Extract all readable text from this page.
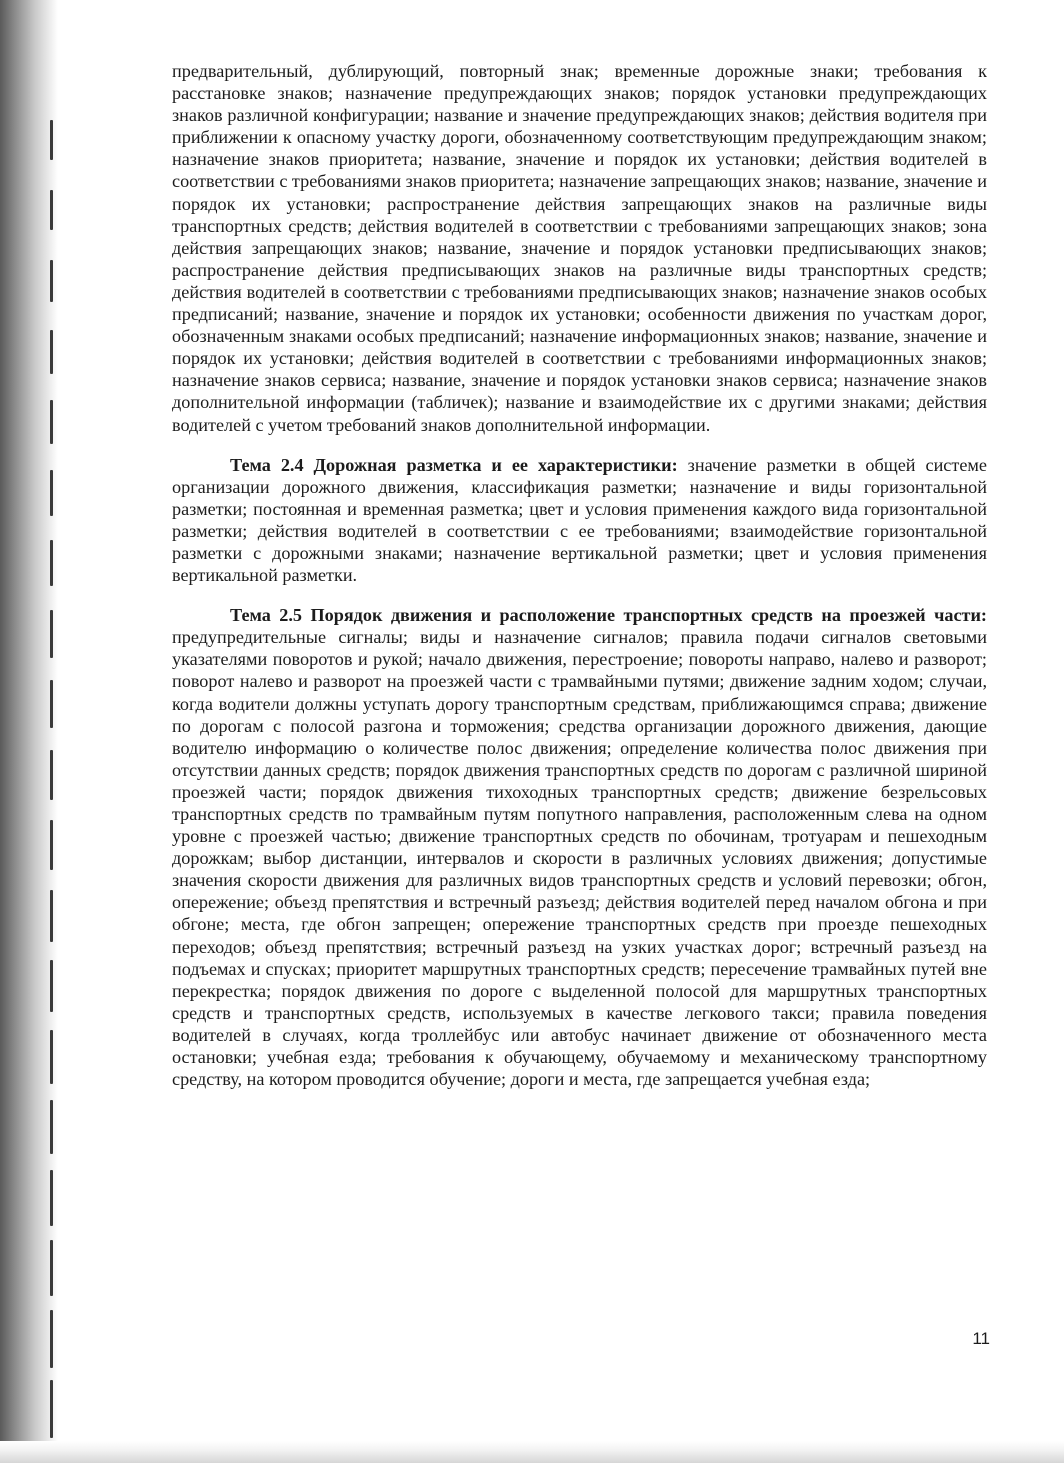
предварительный, дублирующий, повторный знак; временные дорожные знаки; требования к расстановке знаков; назначение предупреждающих знаков; порядок установки предупреждающих знаков различной конфигурации; название и значение предупреждающих знаков; действия водителя при приближении к опасному участку дороги, обозначенному соответствующим предупреждающим знаком; назначение знаков приоритета; название, значение и порядок их установки; действия водителей в соответствии с требованиями знаков приоритета; назначение запрещающих знаков; название, значение и порядок их установки; распространение действия запрещающих знаков на различные виды транспортных средств; действия водителей в соответствии с требованиями запрещающих знаков; зона действия запрещающих знаков; название, значение и порядок установки предписывающих знаков; распространение действия предписывающих знаков на различные виды транспортных средств; действия водителей в соответствии с требованиями предписывающих знаков; назначение знаков особых предписаний; название, значение и порядок их установки; особенности движения по участкам дорог, обозначенным знаками особых предписаний; назначение информационных знаков; название, значение и порядок их установки; действия водителей в соответствии с требованиями информационных знаков; назначение знаков сервиса; название, значение и порядок установки знаков сервиса; назначение знаков дополнительной информации (табличек); название и взаимодействие их с другими знаками; действия водителей с учетом требований знаков дополнительной информации.

Тема 2.4 Дорожная разметка и ее характеристики: значение разметки в общей системе организации дорожного движения, классификация разметки; назначение и виды горизонтальной разметки; постоянная и временная разметка; цвет и условия применения каждого вида горизонтальной разметки; действия водителей в соответствии с ее требованиями; взаимодействие горизонтальной разметки с дорожными знаками; назначение вертикальной разметки; цвет и условия применения вертикальной разметки.

Тема 2.5 Порядок движения и расположение транспортных средств на проезжей части: предупредительные сигналы; виды и назначение сигналов; правила подачи сигналов световыми указателями поворотов и рукой; начало движения, перестроение; повороты направо, налево и разворот; поворот налево и разворот на проезжей части с трамвайными путями; движение задним ходом; случаи, когда водители должны уступать дорогу транспортным средствам, приближающимся справа; движение по дорогам с полосой разгона и торможения; средства организации дорожного движения, дающие водителю информацию о количестве полос движения; определение количества полос движения при отсутствии данных средств; порядок движения транспортных средств по дорогам с различной шириной проезжей части; порядок движения тихоходных транспортных средств; движение безрельсовых транспортных средств по трамвайным путям попутного направления, расположенным слева на одном уровне с проезжей частью; движение транспортных средств по обочинам, тротуарам и пешеходным дорожкам; выбор дистанции, интервалов и скорости в различных условиях движения; допустимые значения скорости движения для различных видов транспортных средств и условий перевозки; обгон, опережение; объезд препятствия и встречный разъезд; действия водителей перед началом обгона и при обгоне; места, где обгон запрещен; опережение транспортных средств при проезде пешеходных переходов; объезд препятствия; встречный разъезд на узких участках дорог; встречный разъезд на подъемах и спусках; приоритет маршрутных транспортных средств; пересечение трамвайных путей вне перекрестка; порядок движения по дороге с выделенной полосой для маршрутных транспортных средств и транспортных средств, используемых в качестве легкового такси; правила поведения водителей в случаях, когда троллейбус или автобус начинает движение от обозначенного места остановки; учебная езда; требования к обучающему, обучаемому и механическому транспортному средству, на котором проводится обучение; дороги и места, где запрещается учебная езда;

11
